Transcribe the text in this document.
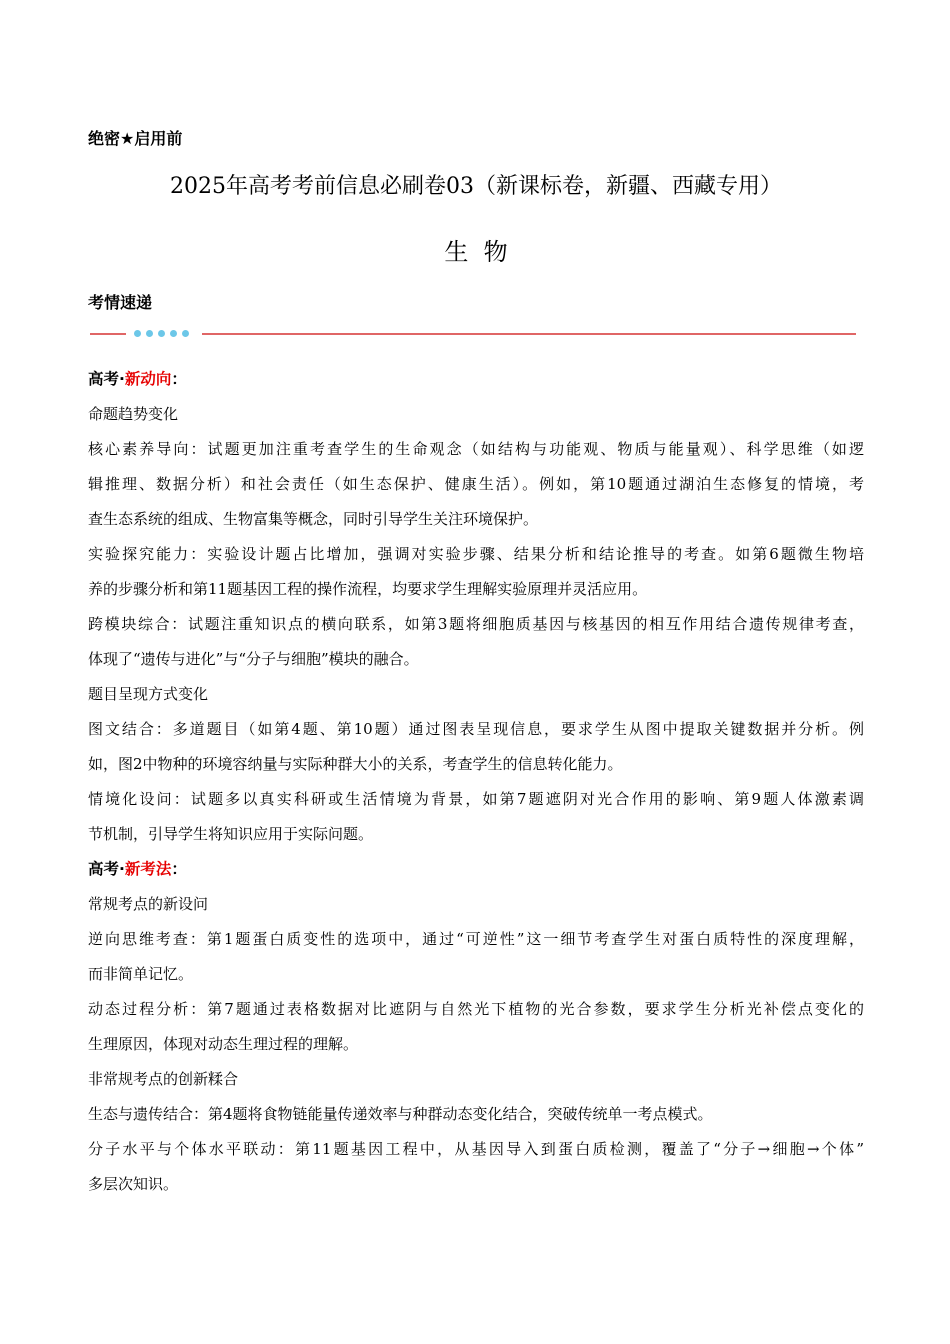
绝密★启用前
2025年高考考前信息必刷卷03（新课标卷，新疆、西藏专用）
生  物
考情速递
高考·新动向：
命题趋势变化
核心素养导向：试题更加注重考查学生的生命观念（如结构与功能观、物质与能量观）、科学思维（如逻
辑推理、数据分析）和社会责任（如生态保护、健康生活）。例如，第10题通过湖泊生态修复的情境，考
查生态系统的组成、生物富集等概念，同时引导学生关注环境保护。
实验探究能力：实验设计题占比增加，强调对实验步骤、结果分析和结论推导的考查。如第6题微生物培
养的步骤分析和第11题基因工程的操作流程，均要求学生理解实验原理并灵活应用。
跨模块综合：试题注重知识点的横向联系，如第3题将细胞质基因与核基因的相互作用结合遗传规律考查，
体现了“遗传与进化”与“分子与细胞”模块的融合。
题目呈现方式变化
图文结合：多道题目（如第4题、第10题）通过图表呈现信息，要求学生从图中提取关键数据并分析。例
如，图2中物种的环境容纳量与实际种群大小的关系，考查学生的信息转化能力。
情境化设问：试题多以真实科研或生活情境为背景，如第7题遮阴对光合作用的影响、第9题人体激素调
节机制，引导学生将知识应用于实际问题。
高考·新考法：
常规考点的新设问
逆向思维考查：第1题蛋白质变性的选项中，通过“可逆性”这一细节考查学生对蛋白质特性的深度理解，
而非简单记忆。
动态过程分析：第7题通过表格数据对比遮阴与自然光下植物的光合参数，要求学生分析光补偿点变化的
生理原因，体现对动态生理过程的理解。
非常规考点的创新糅合
生态与遗传结合：第4题将食物链能量传递效率与种群动态变化结合，突破传统单一考点模式。
分子水平与个体水平联动：第11题基因工程中，从基因导入到蛋白质检测，覆盖了“分子→细胞→个体”
多层次知识。
